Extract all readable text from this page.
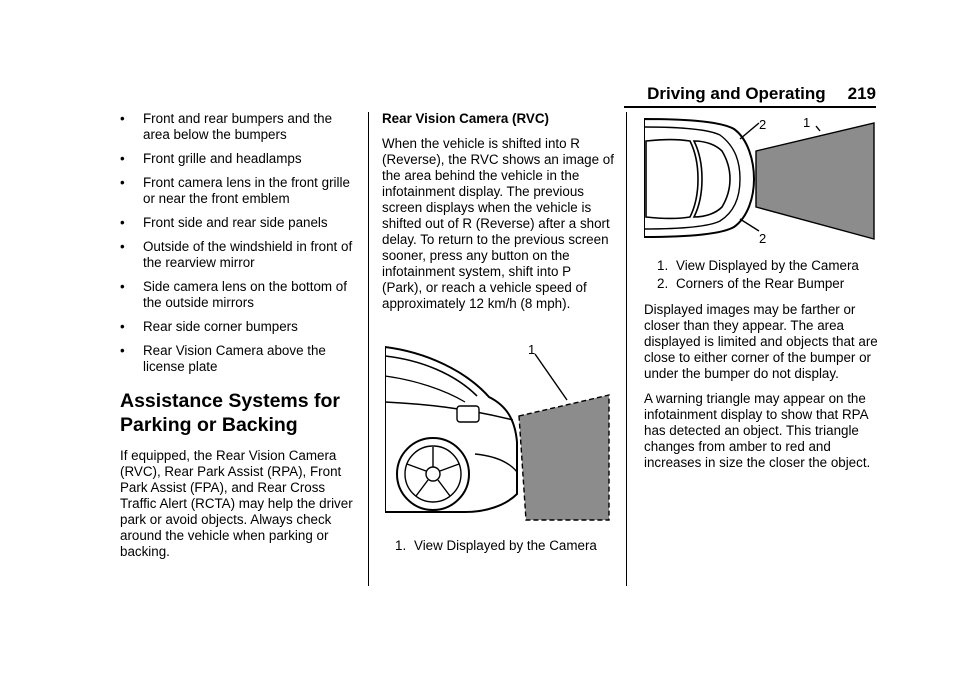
Driving and Operating 219
• Front and rear bumpers and the area below the bumpers
• Front grille and headlamps
• Front camera lens in the front grille or near the front emblem
• Front side and rear side panels
• Outside of the windshield in front of the rearview mirror
• Side camera lens on the bottom of the outside mirrors
• Rear side corner bumpers
• Rear Vision Camera above the license plate
Assistance Systems for Parking or Backing

If equipped, the Rear Vision Camera (RVC), Rear Park Assist (RPA), Front Park Assist (FPA), and Rear Cross Traffic Alert (RCTA) may help the driver park or avoid objects. Always check around the vehicle when parking or backing.

Rear Vision Camera (RVC)

When the vehicle is shifted into R (Reverse), the RVC shows an image of the area behind the vehicle in the infotainment display. The previous screen displays when the vehicle is shifted out of R (Reverse) after a short delay. To return to the previous screen sooner, press any button on the infotainment system, shift into P (Park), or reach a vehicle speed of approximately 12 km/h (8 mph).

1
1. View Displayed by the Camera
2	1
2
1. View Displayed by the Camera
2. Corners of the Rear Bumper

Displayed images may be farther or closer than they appear. The area displayed is limited and objects that are close to either corner of the bumper or under the bumper do not display.

A warning triangle may appear on the infotainment display to show that RPA has detected an object. This triangle changes from amber to red and increases in size the closer the object.
